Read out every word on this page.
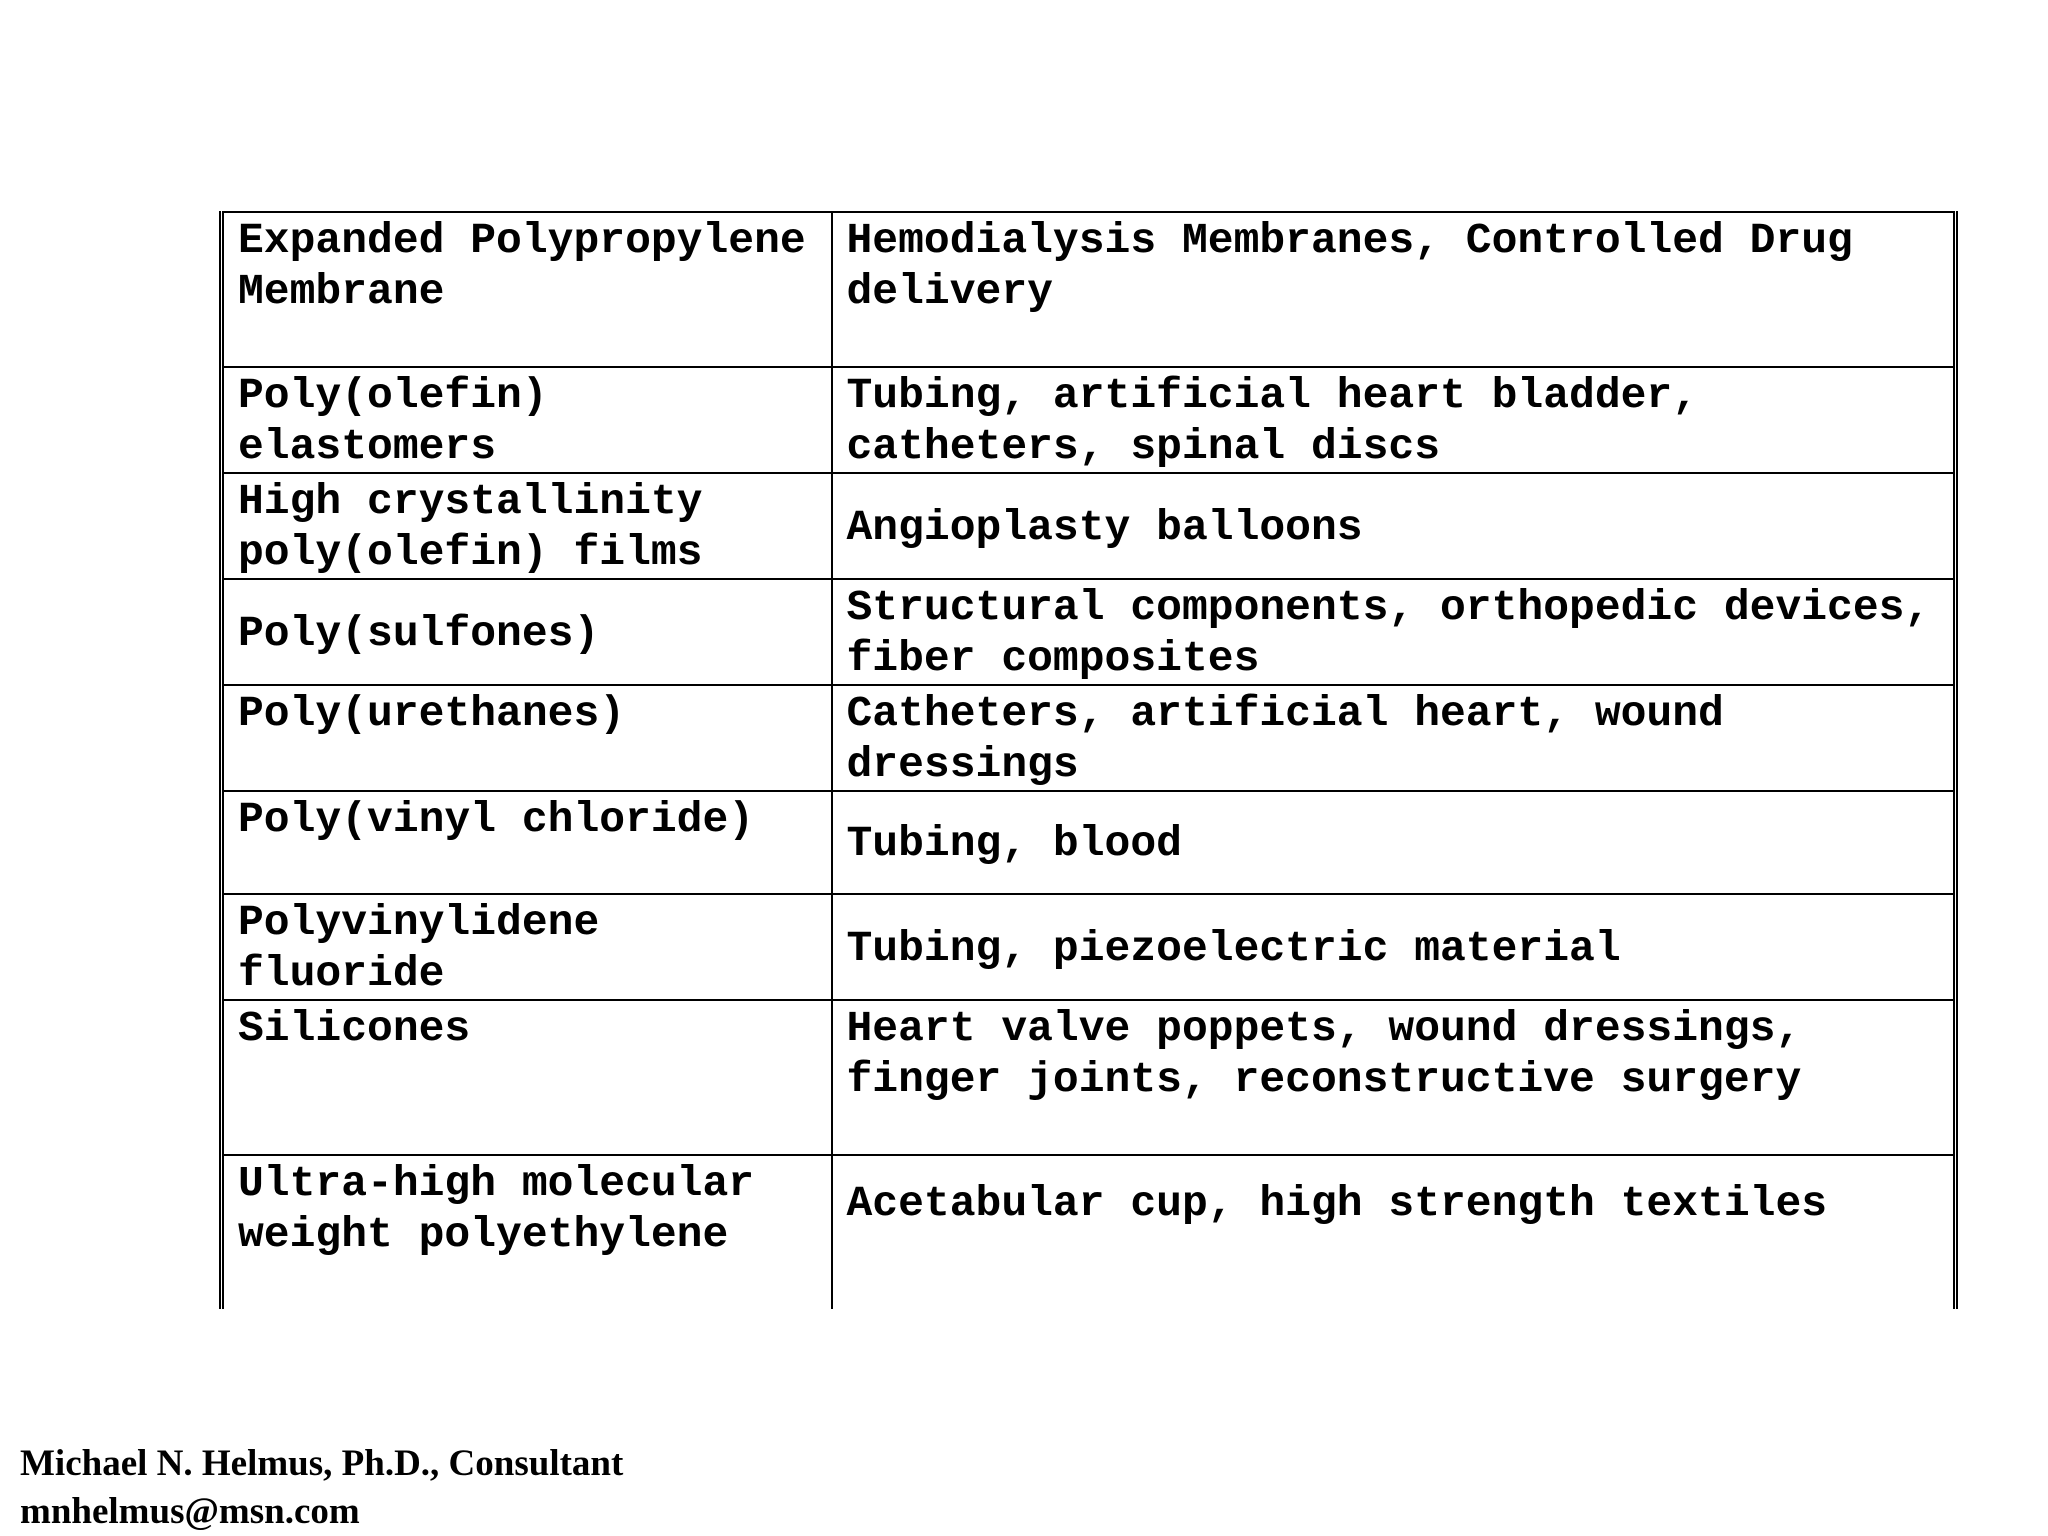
Expanded Polypropylene Membrane	Hemodialysis Membranes, Controlled Drug delivery
Poly(olefin) elastomers	Tubing, artificial heart bladder, catheters, spinal discs
High crystallinity poly(olefin) films	Angioplasty balloons
Poly(sulfones)	Structural components, orthopedic devices, fiber composites
Poly(urethanes)	Catheters, artificial heart, wound dressings
Poly(vinyl chloride)	Tubing, blood
Polyvinylidene fluoride	Tubing, piezoelectric material
Silicones	Heart valve poppets, wound dressings, finger joints, reconstructive surgery
Ultra-high molecular weight polyethylene	Acetabular cup, high strength textiles
Michael N. Helmus, Ph.D., Consultant
mnhelmus@msn.com
